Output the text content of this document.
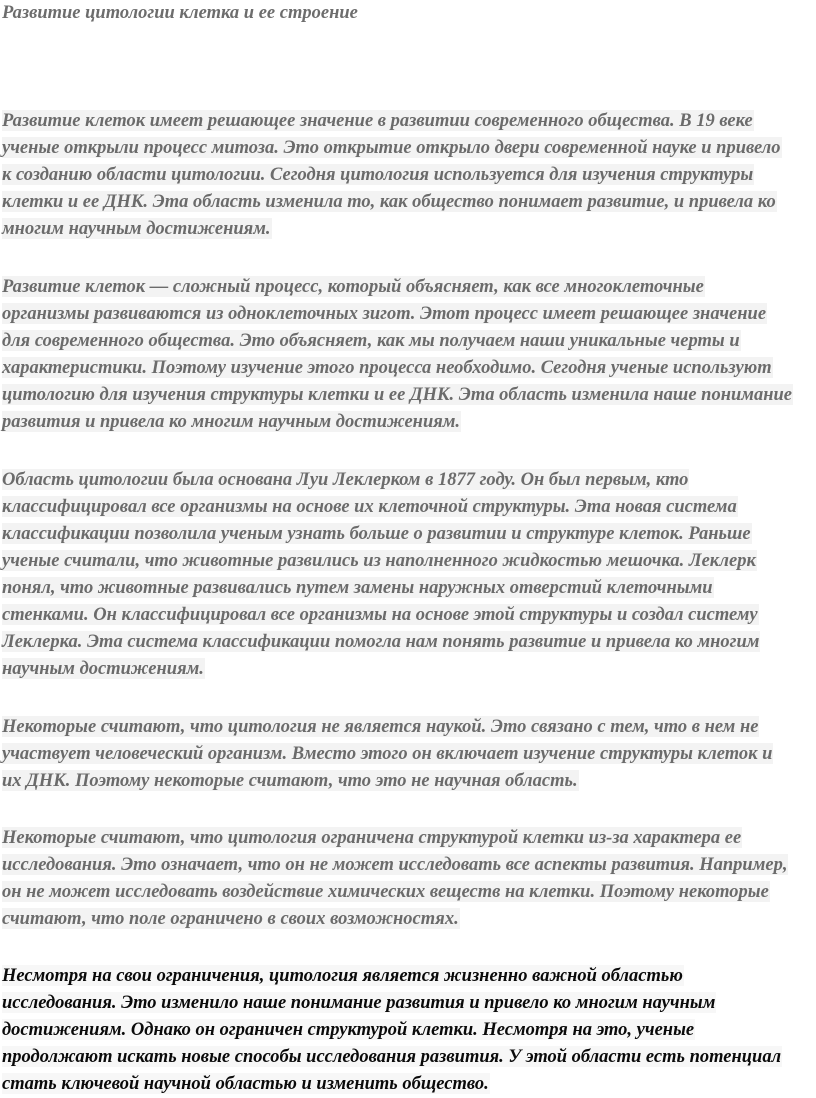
Развитие цитологии клетка и ее строение
Развитие клеток имеет решающее значение в развитии современного общества. В 19 веке
ученые открыли процесс митоза. Это открытие открыло двери современной науке и привело
к созданию области цитологии. Сегодня цитология используется для изучения структуры
клетки и ее ДНК. Эта область изменила то, как общество понимает развитие, и привела ко
многим научным достижениям.
Развитие клеток — сложный процесс, который объясняет, как все многоклеточные
организмы развиваются из одноклеточных зигот. Этот процесс имеет решающее значение
для современного общества. Это объясняет, как мы получаем наши уникальные черты и
характеристики. Поэтому изучение этого процесса необходимо. Сегодня ученые используют
цитологию для изучения структуры клетки и ее ДНК. Эта область изменила наше понимание
развития и привела ко многим научным достижениям.
Область цитологии была основана Луи Леклерком в 1877 году. Он был первым, кто
классифицировал все организмы на основе их клеточной структуры. Эта новая система
классификации позволила ученым узнать больше о развитии и структуре клеток. Раньше
ученые считали, что животные развились из наполненного жидкостью мешочка. Леклерк
понял, что животные развивались путем замены наружных отверстий клеточными
стенками. Он классифицировал все организмы на основе этой структуры и создал систему
Леклерка. Эта система классификации помогла нам понять развитие и привела ко многим
научным достижениям.
Некоторые считают, что цитология не является наукой. Это связано с тем, что в нем не
участвует человеческий организм. Вместо этого он включает изучение структуры клеток и
их ДНК. Поэтому некоторые считают, что это не научная область.
Некоторые считают, что цитология ограничена структурой клетки из-за характера ее
исследования. Это означает, что он не может исследовать все аспекты развития. Например,
он не может исследовать воздействие химических веществ на клетки. Поэтому некоторые
считают, что поле ограничено в своих возможностях.
Несмотря на свои ограничения, цитология является жизненно важной областью
исследования. Это изменило наше понимание развития и привело ко многим научным
достижениям. Однако он ограничен структурой клетки. Несмотря на это, ученые
продолжают искать новые способы исследования развития. У этой области есть потенциал
стать ключевой научной областью и изменить общество.
